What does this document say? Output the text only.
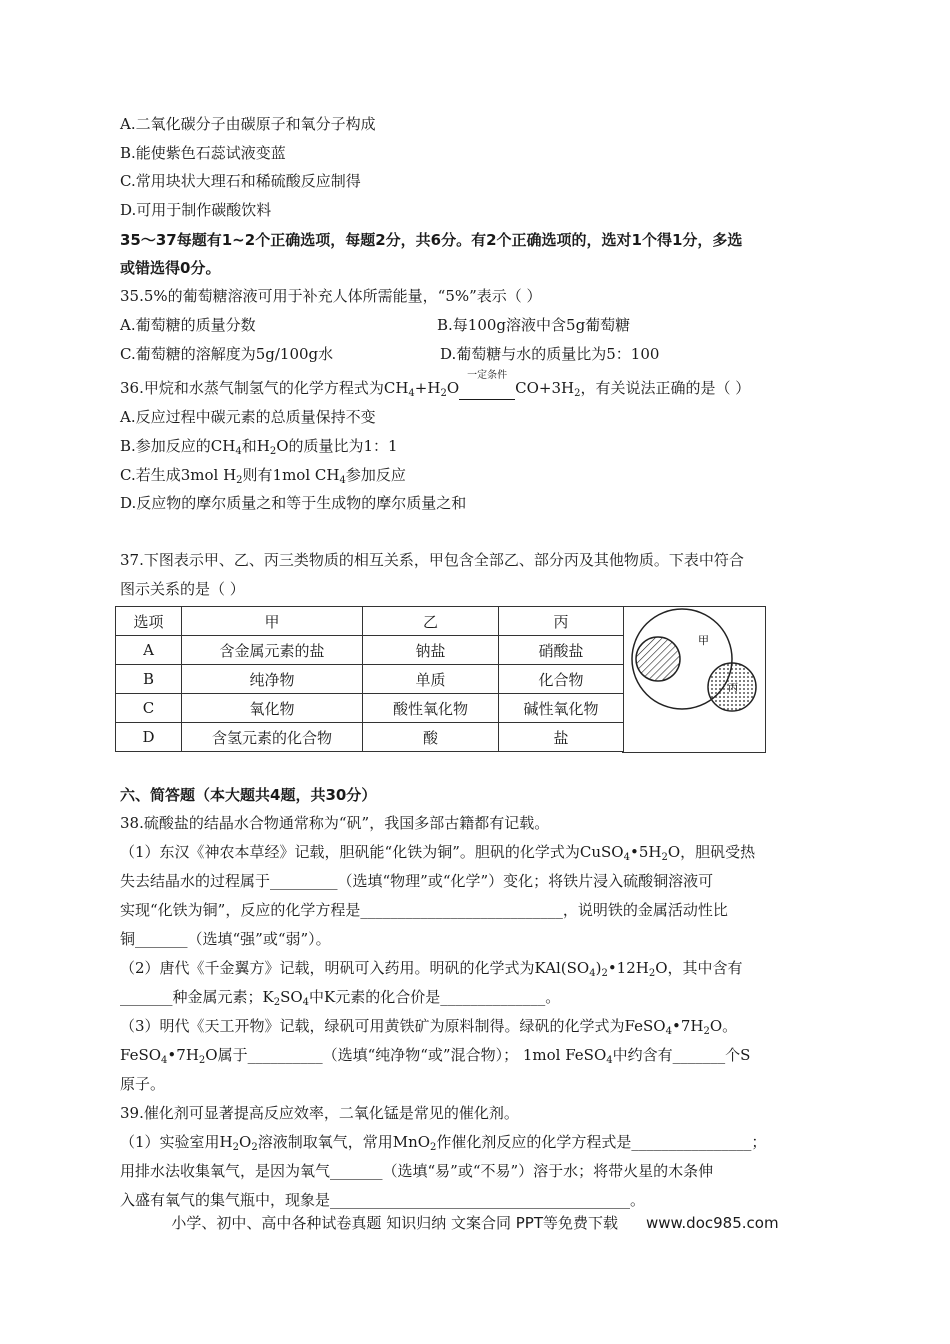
A.二氧化碳分子由碳原子和氧分子构成
B.能使紫色石蕊试液变蓝
C.常用块状大理石和稀硫酸反应制得
D.可用于制作碳酸饮料
35～37每题有1~2个正确选项，每题2分，共6分。有2个正确选项的，选对1个得1分，多选
或错选得0分。
35.5%的葡萄糖溶液可用于补充人体所需能量，“5%”表示（ ）
A.葡萄糖的质量分数	B.每100g溶液中含5g葡萄糖
C.葡萄糖的溶解度为5g/100g水	D.葡萄糖与水的质量比为5：100
36.甲烷和水蒸气制氢气的化学方程式为$CH_4+H_2O$
一定条件
$CO+3H_2$，有关说法正确的是（ ）
A.反应过程中碳元素的总质量保持不变
B.参加反应的$CH_4$和$H_2O$的质量比为1：1
C.若生成3mol $H_2$则有1mol $CH_4$参加反应
D.反应物的摩尔质量之和等于生成物的摩尔质量之和
37.下图表示甲、乙、丙三类物质的相互关系，甲包含全部乙、部分丙及其他物质。下表中符合
图示关系的是（ ）
选项	甲	乙	丙
A	含金属元素的盐	钠盐	硝酸盐
B	纯净物	单质	化合物
C	氧化物	酸性氧化物	碱性氧化物
D	含氢元素的化合物	酸	盐
甲
丙
六、简答题（本大题共4题，共30分）
38.硫酸盐的结晶水合物通常称为“矾”，我国多部古籍都有记载。
（1）东汉《神农本草经》记载，胆矾能“化铁为铜”。胆矾的化学式为$CuSO_4•5H_2O$，胆矾受热
失去结晶水的过程属于_________（选填“物理”或“化学”）变化；将铁片浸入硫酸铜溶液可
实现“化铁为铜”，反应的化学方程是___________________________，说明铁的金属活动性比
铜_______（选填“强”或“弱”）。
（2）唐代《千金翼方》记载，明矾可入药用。明矾的化学式为$KAl(SO_4)_2•12H_2O$，其中含有
_______种金属元素；$K_2SO_4$中K元素的化合价是______________。
（3）明代《天工开物》记载，绿矾可用黄铁矿为原料制得。绿矾的化学式为$FeSO_4•7H_2O$。
$FeSO_4•7H_2O$属于__________（选填“纯净物“或”混合物）； 1mol FeSO$_4$中约含有_______个S
原子。
39.催化剂可显著提高反应效率，二氧化锰是常见的催化剂。
（1）实验室用$H_2O_2$溶液制取氧气，常用MnO$_2$作催化剂反应的化学方程式是________________；
用排水法收集氧气，是因为氧气_______（选填“易”或“不易”）溶于水；将带火星的木条伸
入盛有氧气的集气瓶中，现象是________________________________________。
小学、初中、高中各种试卷真题 知识归纳 文案合同 PPT等免费下载 www.doc985.com
